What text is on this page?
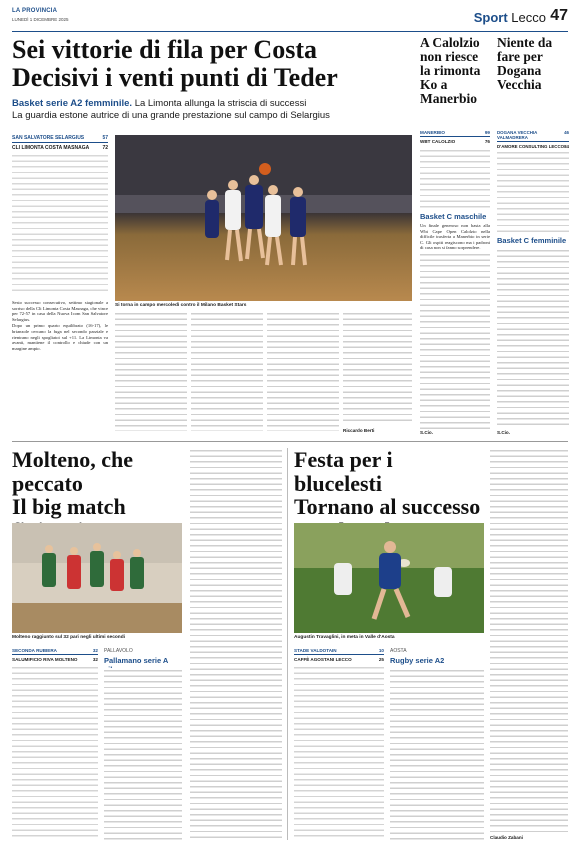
LA PROVINCIA
LUNEDÌ 1 DICEMBRE 2025	Sport Lecco 47
Sei vittorie di fila per Costa
Decisivi i venti punti di Teder
Basket serie A2 femminile. La Limonta allunga la striscia di successi
La guardia estone autrice di una grande prestazione sul campo di Selargius
SAN SALVATORE SELARGIUS	57
CLI LIMONTA COSTA MASNAGA	72

Si torna in campo mercoledì contro il Milano Basket Stars

Sesto successo consecutivo, settimo stagionale a sorriso della Cli Limonta Costa Masnaga, che vince per 72-57 in casa della Nuova Icom San Salvatore Selargius.

Dopo un primo quarto equilibrato (16-17), le brianzole cercano la fuga nel secondo parziale e rientrano negli spogliatoi sul +11. La Limonta va avanti, mantiene il controllo e chiude con un margine ampio.

Riccardo Berti
A Calolzio non riesce la rimonta Ko a Manerbio
MANERBIO	99
WBT CALOLZIO	76
Basket C maschile

Un finale generoso non basta alla Wbt Cape Open Calolzio nella difficile trasferta a Manerbio in serie C. Gli ospiti reagiscono ma i padroni di casa non si fanno sorprendere.

S.Cio.
Niente da fare per Dogana Vecchia
DOGANA VECCHIA VALMADRERA
46
D'AMORE CONSULTING LECCO 84
Basket C femminile
S.Cio.
Molteno, che peccato
Il big match
Molteno raggiunto sul 32 pari negli ultimi secondi
SECONDA RUBIERA	32
SALUMIFICIO RIVA MOLTENO	32
PALLAVOLO
Pallamano serie A
Festa per i blucelesti
Tornano al successo
Augustin Travaglini, in meta in Valle d'Aosta
STADE VALDOTAIN	10
CAFFÈ AGOSTANI LECCO	25
AOSTA
Rugby serie A2
Claudio Zabani
